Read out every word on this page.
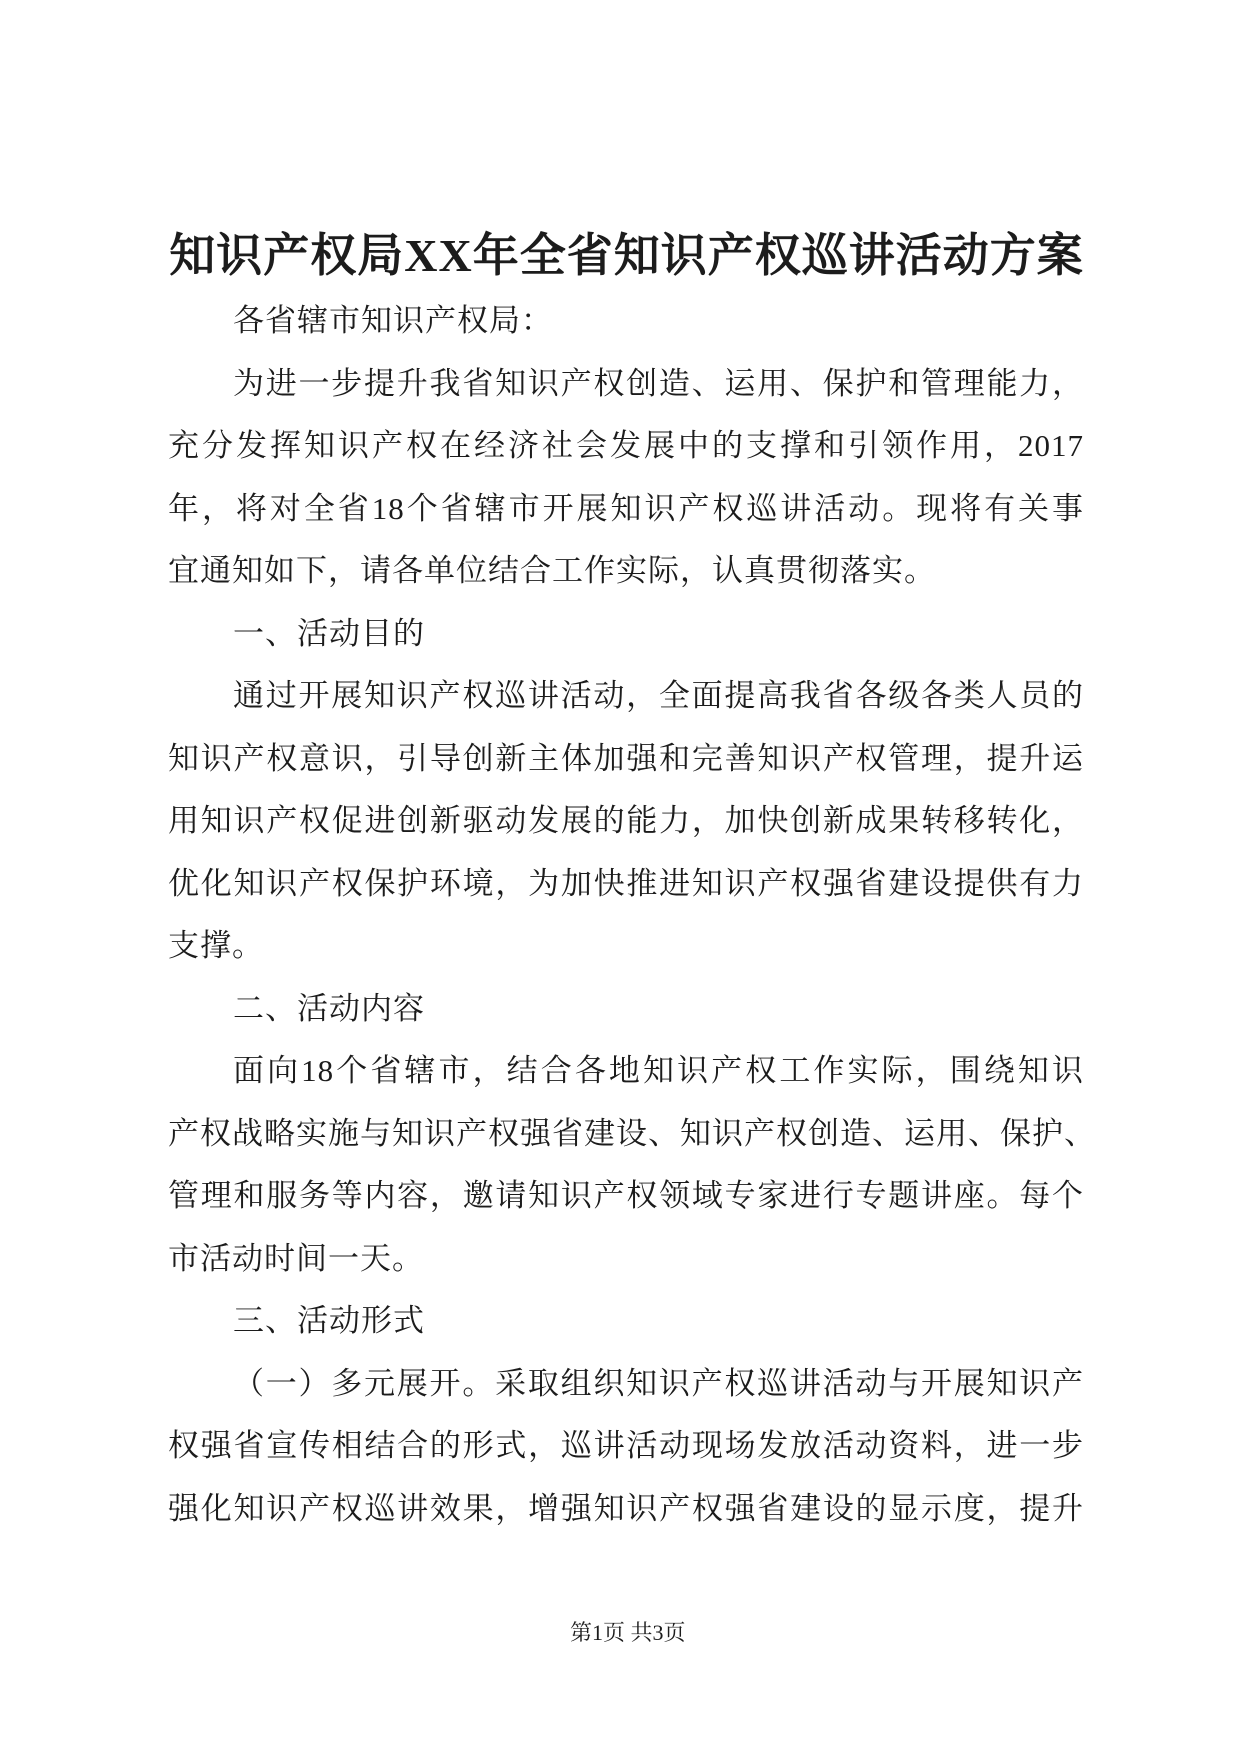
知识产权局XX年全省知识产权巡讲活动方案
各省辖市知识产权局：
为进一步提升我省知识产权创造、运用、保护和管理能力，
充分发挥知识产权在经济社会发展中的支撑和引领作用，2017
年，将对全省18个省辖市开展知识产权巡讲活动。现将有关事
宜通知如下，请各单位结合工作实际，认真贯彻落实。
一、活动目的
通过开展知识产权巡讲活动，全面提高我省各级各类人员的
知识产权意识，引导创新主体加强和完善知识产权管理，提升运
用知识产权促进创新驱动发展的能力，加快创新成果转移转化，
优化知识产权保护环境，为加快推进知识产权强省建设提供有力
支撑。
二、活动内容
面向18个省辖市，结合各地知识产权工作实际，围绕知识
产权战略实施与知识产权强省建设、知识产权创造、运用、保护、
管理和服务等内容，邀请知识产权领域专家进行专题讲座。每个
市活动时间一天。
三、活动形式
（一）多元展开。采取组织知识产权巡讲活动与开展知识产
权强省宣传相结合的形式，巡讲活动现场发放活动资料，进一步
强化知识产权巡讲效果，增强知识产权强省建设的显示度，提升
第1页 共3页
